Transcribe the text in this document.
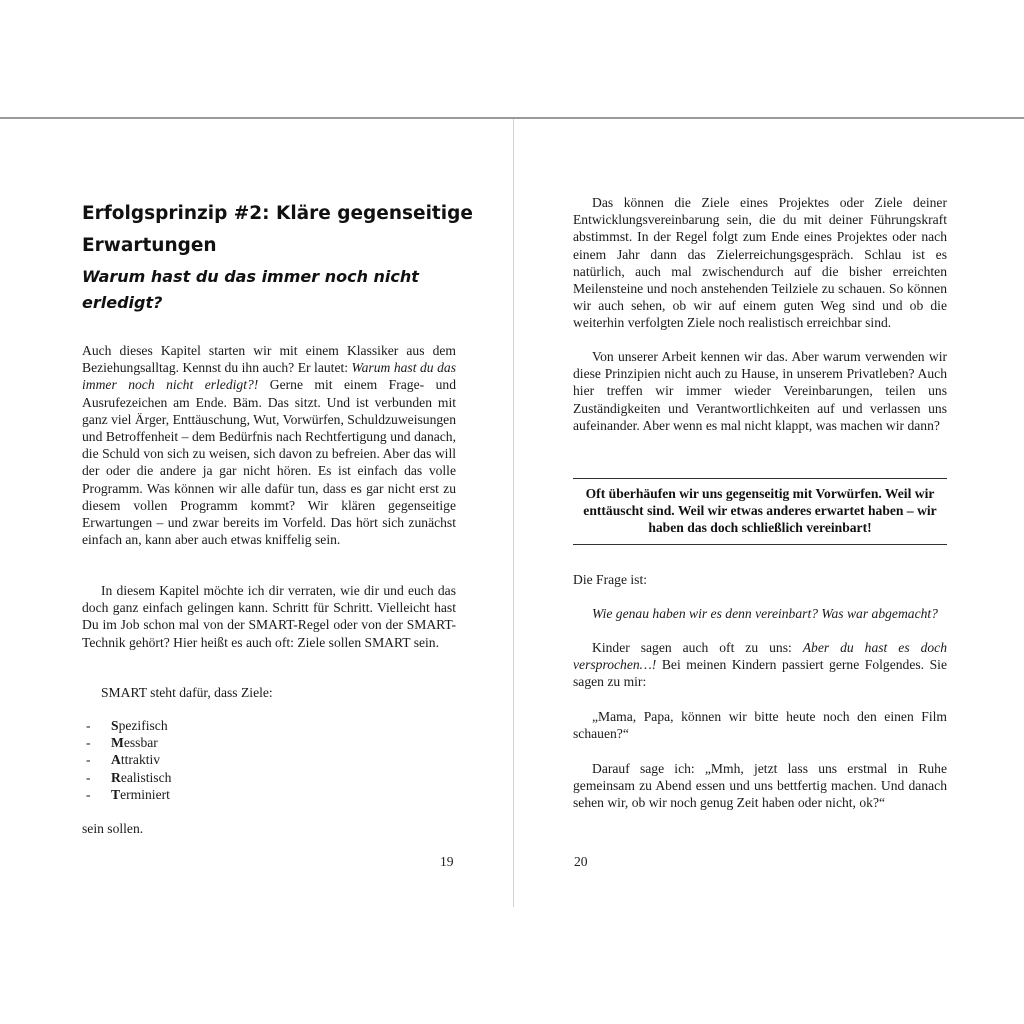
Erfolgsprinzip #2: Kläre gegenseitige Erwartungen
Warum hast du das immer noch nicht erledigt?

Auch dieses Kapitel starten wir mit einem Klassiker aus dem Beziehungsalltag. Kennst du ihn auch? Er lautet: Warum hast du das immer noch nicht erledigt?! Gerne mit einem Frage- und Ausrufezeichen am Ende. Bäm. Das sitzt. Und ist verbunden mit ganz viel Ärger, Enttäuschung, Wut, Vorwürfen, Schuldzuweisungen und Betroffenheit – dem Bedürfnis nach Rechtfertigung und danach, die Schuld von sich zu weisen, sich davon zu befreien. Aber das will der oder die andere ja gar nicht hören. Es ist einfach das volle Programm. Was können wir alle dafür tun, dass es gar nicht erst zu diesem vollen Programm kommt? Wir klären gegenseitige Erwartungen – und zwar bereits im Vorfeld. Das hört sich zunächst einfach an, kann aber auch etwas kniffelig sein.

In diesem Kapitel möchte ich dir verraten, wie dir und euch das doch ganz einfach gelingen kann. Schritt für Schritt. Vielleicht hast Du im Job schon mal von der SMART-Regel oder von der SMART-Technik gehört? Hier heißt es auch oft: Ziele sollen SMART sein.

SMART steht dafür, dass Ziele:

- Spezifisch
- Messbar
- Attraktiv
- Realistisch
- Terminiert

sein sollen.

19

Das können die Ziele eines Projektes oder Ziele deiner Entwicklungsvereinbarung sein, die du mit deiner Führungskraft abstimmst. In der Regel folgt zum Ende eines Projektes oder nach einem Jahr dann das Zielerreichungsgespräch. Schlau ist es natürlich, auch mal zwischendurch auf die bisher erreichten Meilensteine und noch anstehenden Teilziele zu schauen. So können wir auch sehen, ob wir auf einem guten Weg sind und ob die weiterhin verfolgten Ziele noch realistisch erreichbar sind.

Von unserer Arbeit kennen wir das. Aber warum verwenden wir diese Prinzipien nicht auch zu Hause, in unserem Privatleben? Auch hier treffen wir immer wieder Vereinbarungen, teilen uns Zuständigkeiten und Verantwortlichkeiten auf und verlassen uns aufeinander. Aber wenn es mal nicht klappt, was machen wir dann?

Oft überhäufen wir uns gegenseitig mit Vorwürfen. Weil wir enttäuscht sind. Weil wir etwas anderes erwartet haben – wir haben das doch schließlich vereinbart!

Die Frage ist:

Wie genau haben wir es denn vereinbart? Was war abgemacht?

Kinder sagen auch oft zu uns: Aber du hast es doch versprochen…! Bei meinen Kindern passiert gerne Folgendes. Sie sagen zu mir:

„Mama, Papa, können wir bitte heute noch den einen Film schauen?“

Darauf sage ich: „Mmh, jetzt lass uns erstmal in Ruhe gemeinsam zu Abend essen und uns bettfertig machen. Und danach sehen wir, ob wir noch genug Zeit haben oder nicht, ok?“

20
